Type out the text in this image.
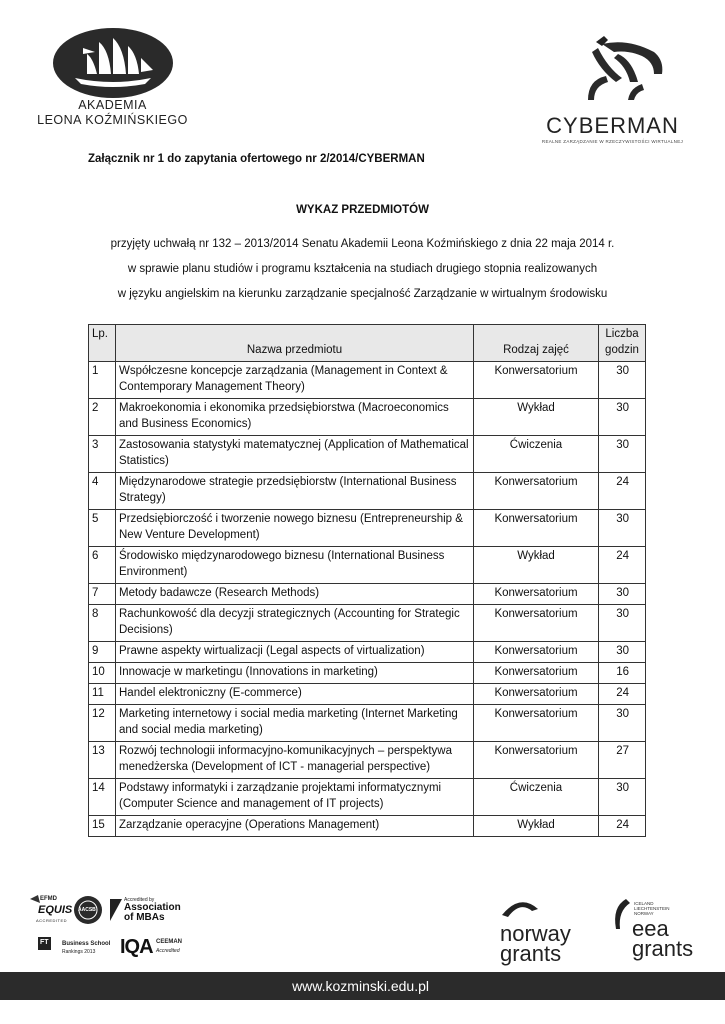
AKADEMIA
LEONA KOŹMIŃSKIEGO	CYBERMAN
REALNE ZARZĄDZANIE W RZECZYWISTOŚCI WIRTUALNEJ
Załącznik nr 1 do zapytania ofertowego nr 2/2014/CYBERMAN
WYKAZ PRZEDMIOTÓW
przyjęty uchwałą nr 132 – 2013/2014 Senatu Akademii Leona Koźmińskiego z dnia 22 maja 2014 r.
w sprawie planu studiów i programu kształcenia na studiach drugiego stopnia realizowanych
w języku angielskim na kierunku zarządzanie specjalność Zarządzanie w wirtualnym środowisku
Lp.	Nazwa przedmiotu	Rodzaj zajęć	Liczba
godzin

1	Współczesne koncepcje zarządzania (Management in Context & Contemporary Management Theory)	Konwersatorium	30
2	Makroekonomia i ekonomika przedsiębiorstwa (Macroeconomics and Business Economics)	Wykład	30
3	Zastosowania statystyki matematycznej (Application of Mathematical Statistics)	Ćwiczenia	30
4	Międzynarodowe strategie przedsiębiorstw (International Business Strategy)	Konwersatorium	24
5	Przedsiębiorczość i tworzenie nowego biznesu (Entrepreneurship & New Venture Development)	Konwersatorium	30
6	Środowisko międzynarodowego biznesu (International Business Environment)	Wykład	24
7	Metody badawcze (Research Methods)	Konwersatorium	30
8	Rachunkowość dla decyzji strategicznych (Accounting for Strategic Decisions)	Konwersatorium	30
9	Prawne aspekty wirtualizacji (Legal aspects of virtualization)	Konwersatorium	30
10	Innowacje w marketingu (Innovations in marketing)	Konwersatorium	16
11	Handel elektroniczny (E-commerce)	Konwersatorium	24
12	Marketing internetowy i social media marketing (Internet Marketing and social media marketing)	Konwersatorium	30
13	Rozwój technologii informacyjno-komunikacyjnych – perspektywa menedżerska (Development of ICT - managerial perspective)	Konwersatorium	27
14	Podstawy informatyki i zarządzanie projektami informatycznymi (Computer Science and management of IT projects)	Ćwiczenia	30
15	Zarządzanie operacyjne (Operations Management)	Wykład	24
EFMD
EQUIS
ACCREDITED
AACSB
Accredited by
Association
of MBAs
FT Business School
Rankings 2013 IQA CEEMAN
Accredited
norway
grants
ICELAND
LIECHTENSTEIN
NORWAY
eea
grants
www.kozminski.edu.pl
